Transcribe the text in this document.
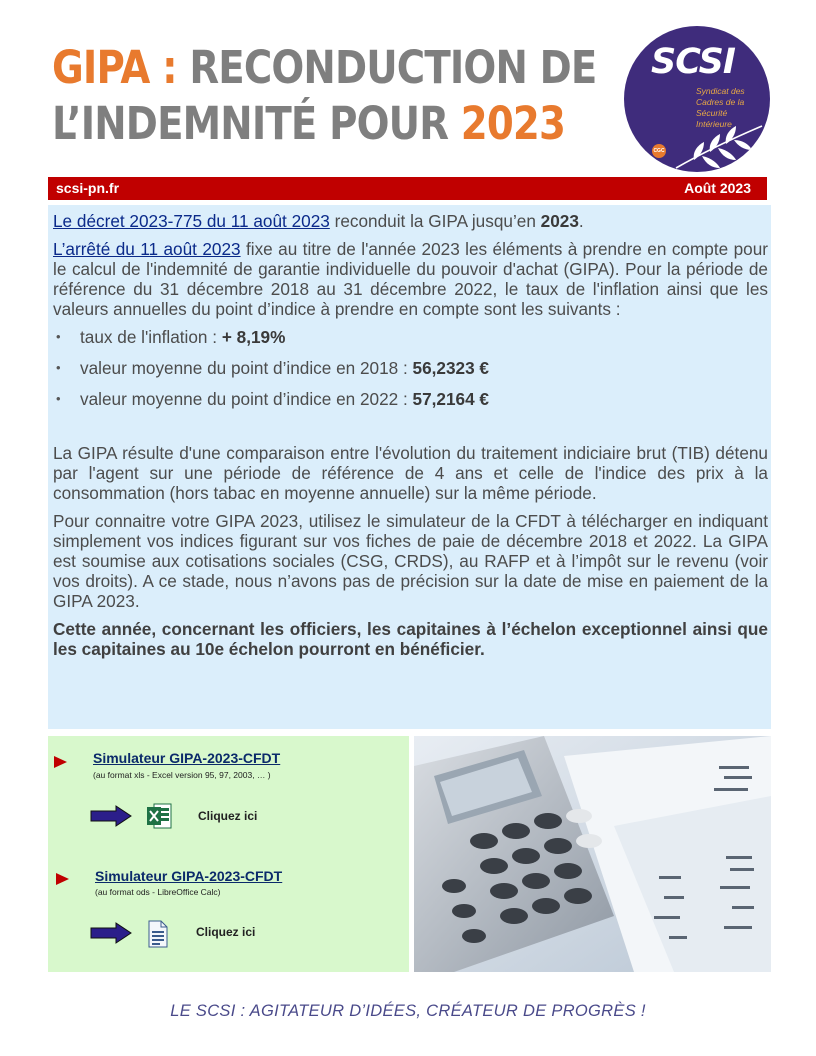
GIPA : RECONDUCTION DE
L’INDEMNITÉ POUR 2023
SCSI
Syndicat des
Cadres de la
Sécurité
Intérieure
CGC
scsi-pn.fr	Août 2023

Le décret 2023-775 du 11 août 2023 reconduit la GIPA jusqu’en 2023.

L’arrêté du 11 août 2023 fixe au titre de l'année 2023 les éléments à prendre en compte pour le calcul de l'indemnité de garantie individuelle du pouvoir d'achat (GIPA). Pour la période de référence du 31 décembre 2018 au 31 décembre 2022, le taux de l'inflation ainsi que les valeurs annuelles du point d’indice à prendre en compte sont les suivants :

• taux de l'inflation : + 8,19%
• valeur moyenne du point d’indice en 2018 : 56,2323 €
• valeur moyenne du point d’indice en 2022 : 57,2164 €

La GIPA résulte d'une comparaison entre l'évolution du traitement indiciaire brut (TIB) détenu par l'agent sur une période de référence de 4 ans et celle de l'indice des prix à la consommation (hors tabac en moyenne annuelle) sur la même période.

Pour connaitre votre GIPA 2023, utilisez le simulateur de la CFDT à télécharger en indiquant simplement vos indices figurant sur vos fiches de paie de décembre 2018 et 2022. La GIPA est soumise aux cotisations sociales (CSG, CRDS), au RAFP et à l’impôt sur le revenu (voir vos droits). A ce stade, nous n’avons pas de précision sur la date de mise en paiement de la GIPA 2023.

Cette année, concernant les officiers, les capitaines à l’échelon exceptionnel ainsi que les capitaines au 10e échelon pourront en bénéficier.

Simulateur GIPA-2023-CFDT
(au format xls - Excel version 95, 97, 2003, … )
Cliquez ici
Simulateur GIPA-2023-CFDT
(au format ods - LibreOffice Calc)
Cliquez ici
LE SCSI : AGITATEUR D’IDÉES, CRÉATEUR DE PROGRÈS !
